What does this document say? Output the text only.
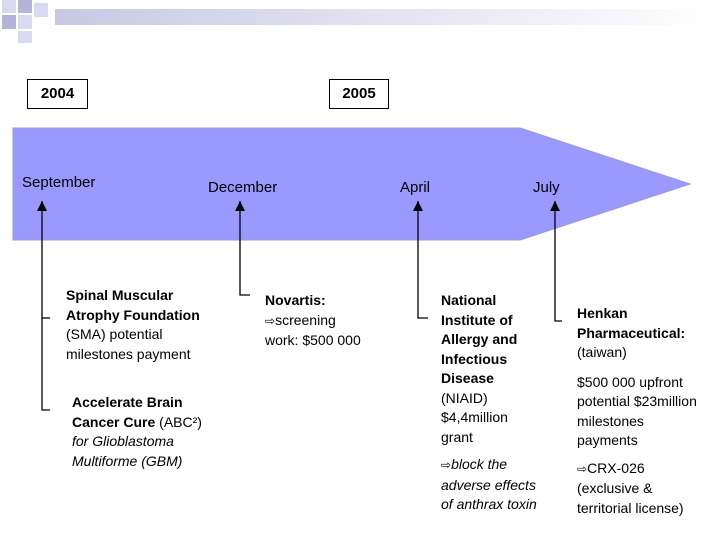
2004	2005
September	December	April	July
Spinal Muscular
Atrophy Foundation
(SMA) potential
milestones payment
Accelerate Brain
Cancer Cure (ABC²)
for Glioblastoma
Multiforme (GBM)
Novartis:
⇨screening
work: $500 000
National
Institute of
Allergy and
Infectious
Disease
(NIAID)
$4,4million
grant
⇨block the
adverse effects
of anthrax toxin
Henkan
Pharmaceutical:
(taiwan)
$500 000 upfront
potential $23million
milestones
payments
⇨CRX-026
(exclusive &
territorial license)
